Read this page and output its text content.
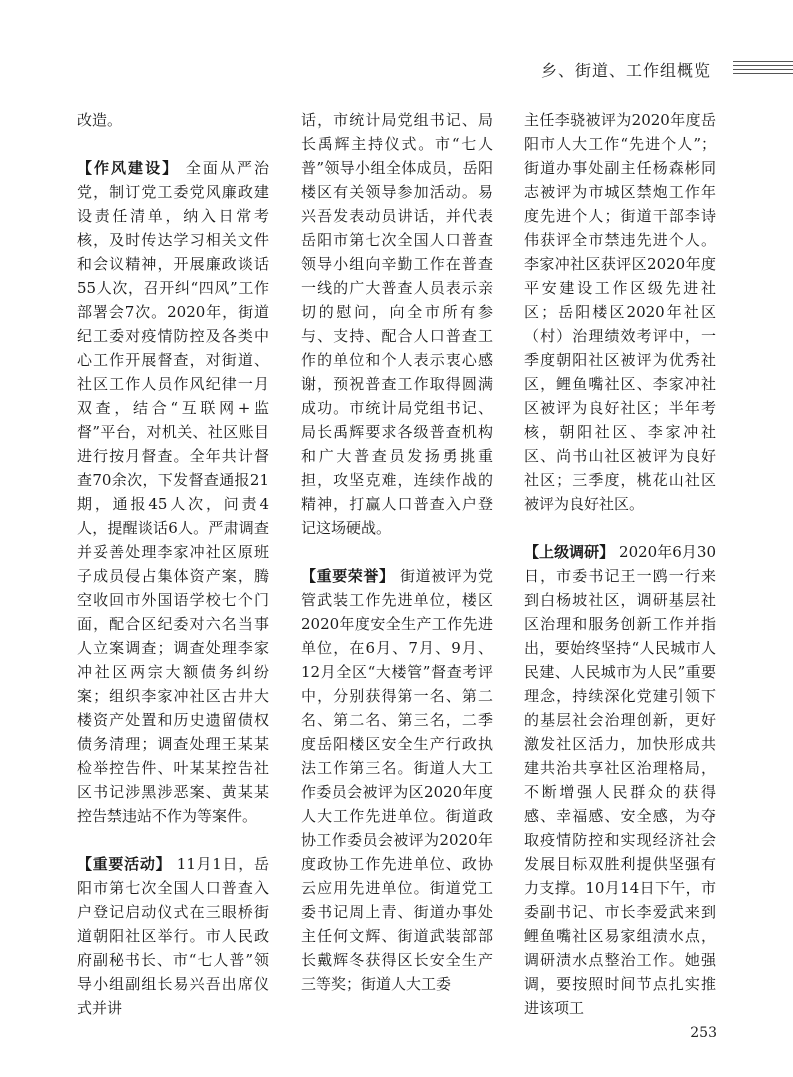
乡、街道、工作组概览

改造。

【作风建设】 全面从严治党，制订党工委党风廉政建设责任清单，纳入日常考核，及时传达学习相关文件和会议精神，开展廉政谈话55人次，召开纠“四风”工作部署会7次。2020年，街道纪工委对疫情防控及各类中心工作开展督查，对街道、社区工作人员作风纪律一月双查，结合“互联网+监督”平台，对机关、社区账目进行按月督查。全年共计督查70余次，下发督查通报21期，通报45人次，问责4人，提醒谈话6人。严肃调查并妥善处理李家冲社区原班子成员侵占集体资产案，腾空收回市外国语学校七个门面，配合区纪委对六名当事人立案调查；调查处理李家冲社区两宗大额债务纠纷案；组织李家冲社区古井大楼资产处置和历史遗留债权债务清理；调查处理王某某检举控告件、叶某某控告社区书记涉黑涉恶案、黄某某控告禁违站不作为等案件。

【重要活动】 11月1日，岳阳市第七次全国人口普查入户登记启动仪式在三眼桥街道朝阳社区举行。市人民政府副秘书长、市“七人普”领导小组副组长易兴吾出席仪式并讲

话，市统计局党组书记、局长禹辉主持仪式。市“七人普”领导小组全体成员，岳阳楼区有关领导参加活动。易兴吾发表动员讲话，并代表岳阳市第七次全国人口普查领导小组向辛勤工作在普查一线的广大普查人员表示亲切的慰问，向全市所有参与、支持、配合人口普查工作的单位和个人表示衷心感谢，预祝普查工作取得圆满成功。市统计局党组书记、局长禹辉要求各级普查机构和广大普查员发扬勇挑重担，攻坚克难，连续作战的精神，打赢人口普查入户登记这场硬战。

【重要荣誉】 街道被评为党管武装工作先进单位，楼区2020年度安全生产工作先进单位，在6月、7月、9月、12月全区“大楼管”督查考评中，分别获得第一名、第二名、第二名、第三名，二季度岳阳楼区安全生产行政执法工作第三名。街道人大工作委员会被评为区2020年度人大工作先进单位。街道政协工作委员会被评为2020年度政协工作先进单位、政协云应用先进单位。街道党工委书记周上青、街道办事处主任何文辉、街道武装部部长戴辉冬获得区长安全生产三等奖；街道人大工委

主任李骁被评为2020年度岳阳市人大工作“先进个人”；街道办事处副主任杨森彬同志被评为市城区禁炮工作年度先进个人；街道干部李诗伟获评全市禁违先进个人。李家冲社区获评区2020年度平安建设工作区级先进社区；岳阳楼区2020年社区（村）治理绩效考评中，一季度朝阳社区被评为优秀社区，鲤鱼嘴社区、李家冲社区被评为良好社区；半年考核，朝阳社区、李家冲社区、尚书山社区被评为良好社区；三季度，桃花山社区被评为良好社区。

【上级调研】 2020年6月30日，市委书记王一鸥一行来到白杨坡社区，调研基层社区治理和服务创新工作并指出，要始终坚持“人民城市人民建、人民城市为人民”重要理念，持续深化党建引领下的基层社会治理创新，更好激发社区活力，加快形成共建共治共享社区治理格局，不断增强人民群众的获得感、幸福感、安全感，为夺取疫情防控和实现经济社会发展目标双胜利提供坚强有力支撑。10月14日下午，市委副书记、市长李爱武来到鲤鱼嘴社区易家组渍水点，调研渍水点整治工作。她强调，要按照时间节点扎实推进该项工

253
